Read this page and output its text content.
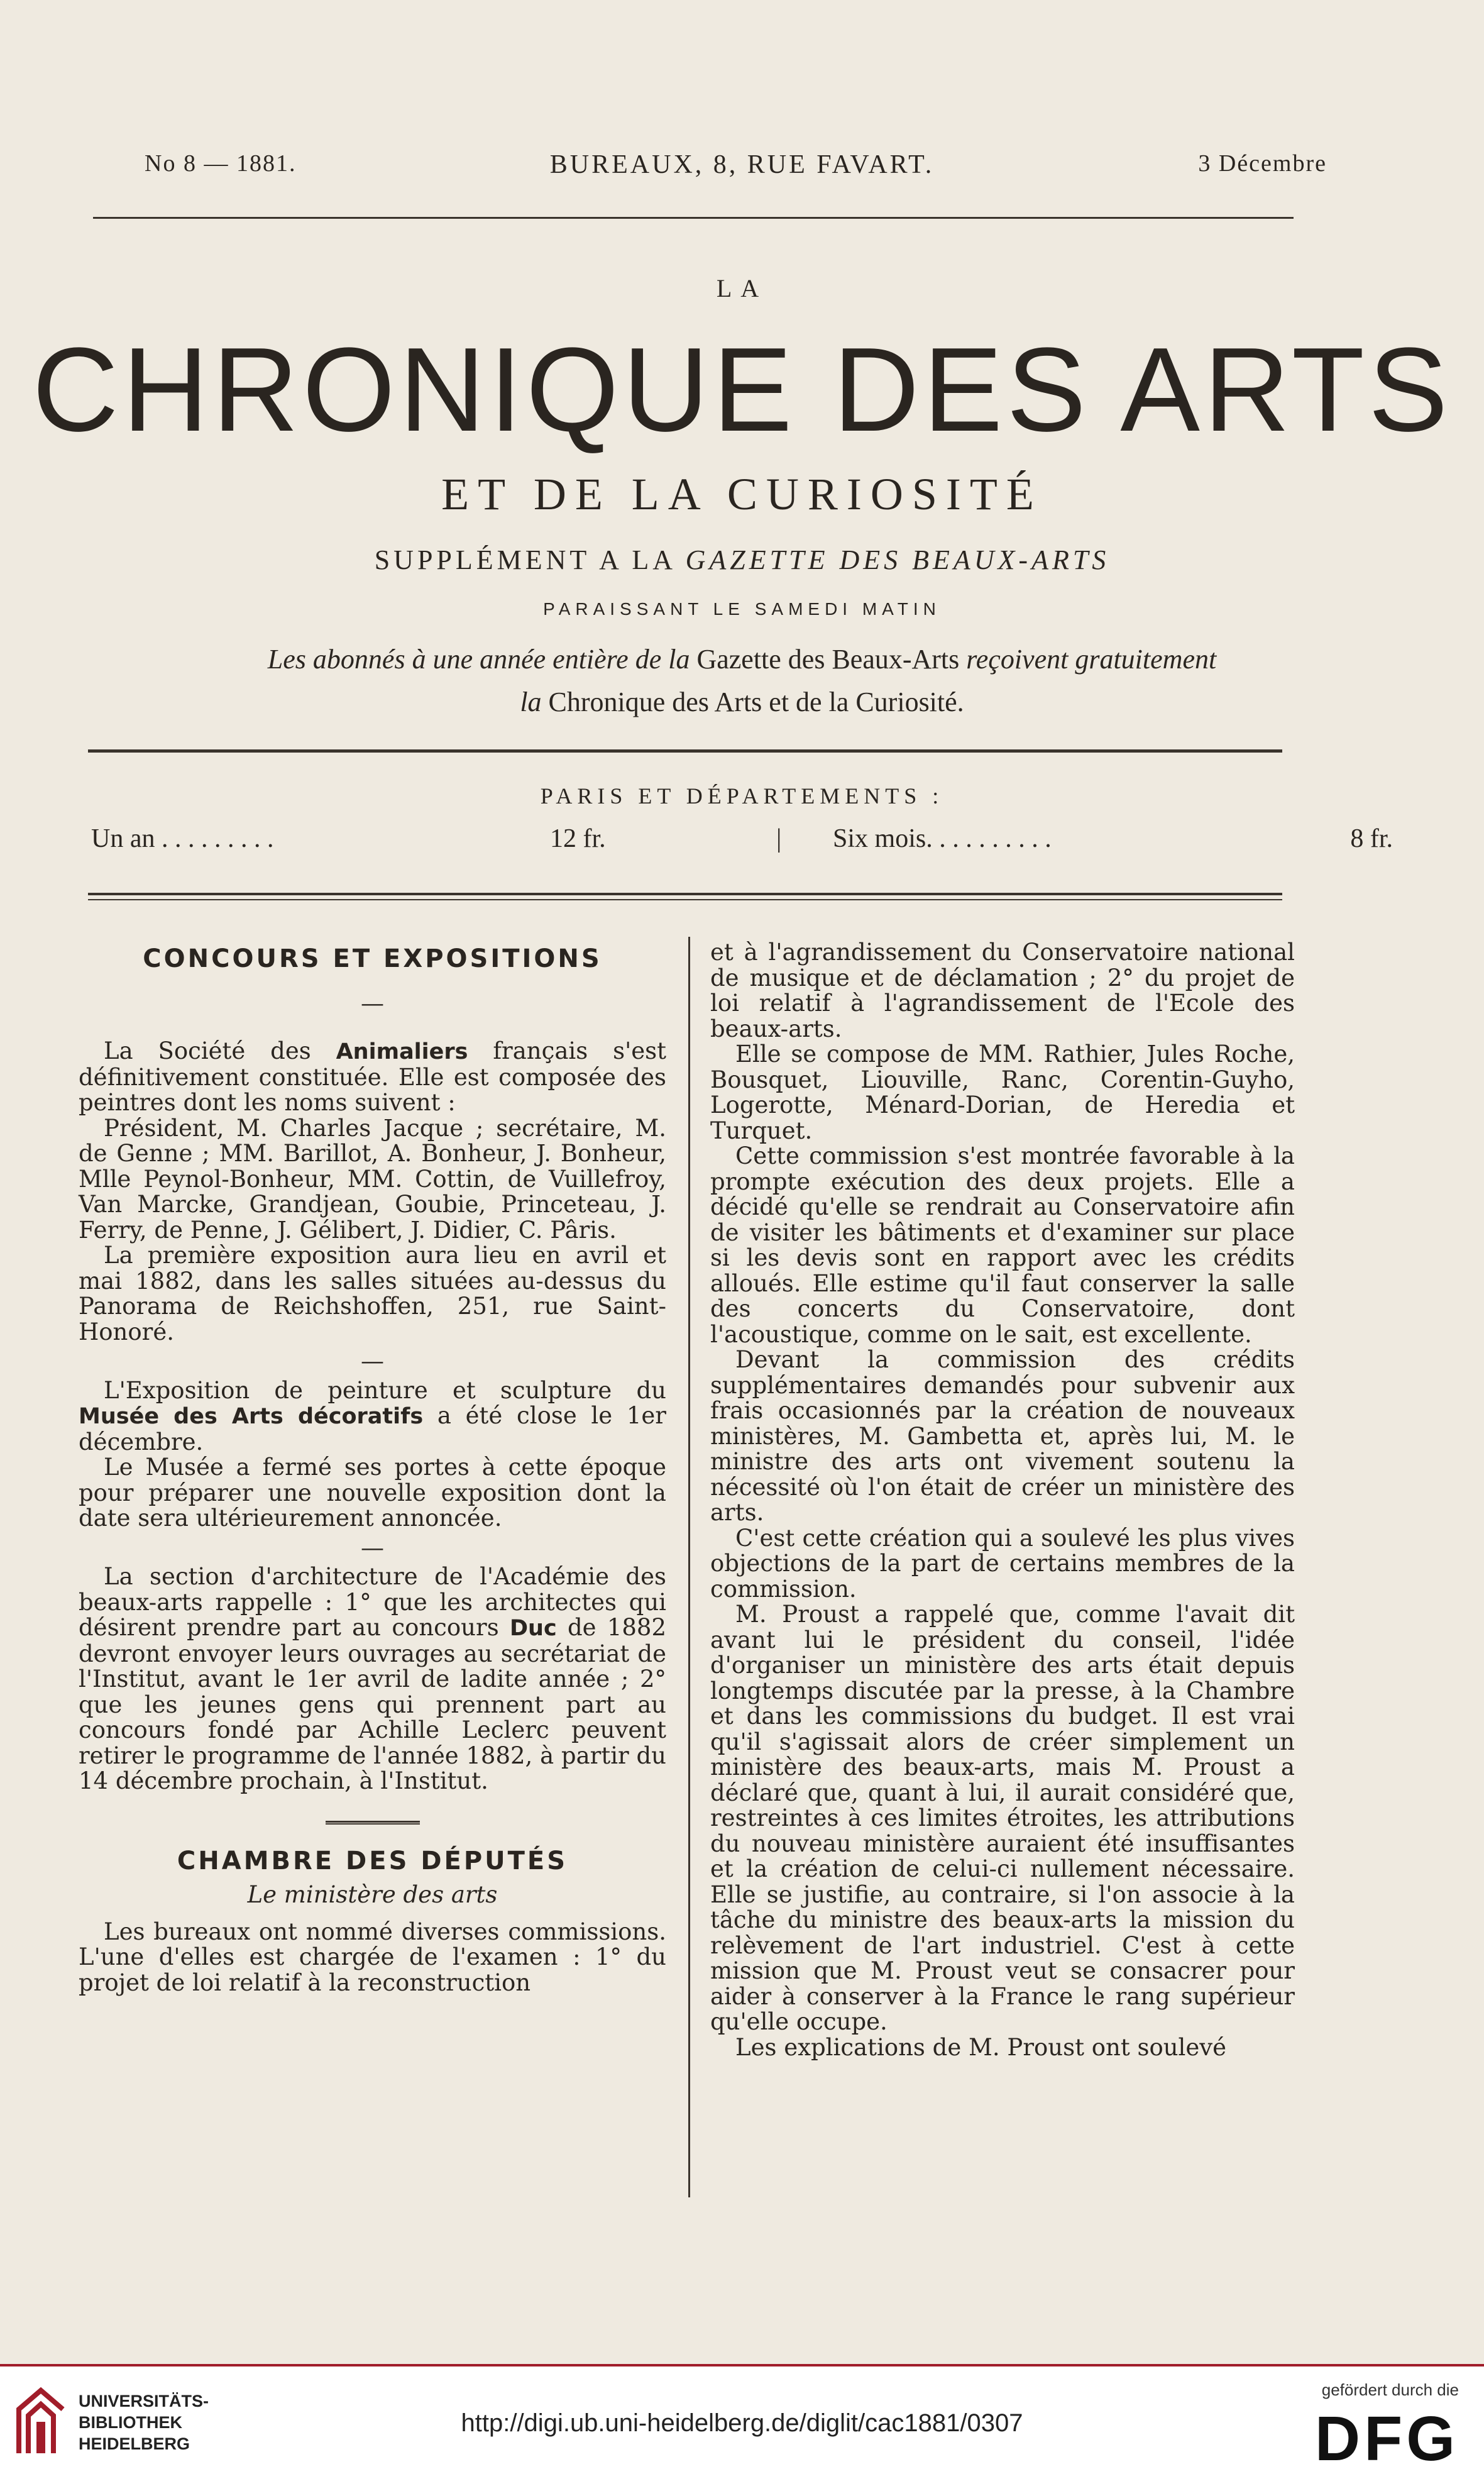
No 8 — 1881.	BUREAUX, 8, RUE FAVART.	3 Décembre
LA
CHRONIQUE DES ARTS
ET DE LA CURIOSITÉ
SUPPLÉMENT A LA GAZETTE DES BEAUX-ARTS
PARAISSANT LE SAMEDI MATIN
Les abonnés à une année entière de la Gazette des Beaux-Arts reçoivent gratuitement
la Chronique des Arts et de la Curiosité.
PARIS ET DÉPARTEMENTS :
Un an . . . . . . . . .	12 fr.	| Six mois. . . . . . . . . .	8 fr.

CONCOURS ET EXPOSITIONS

—

La Société des Animaliers français s'est définitivement constituée. Elle est composée des peintres dont les noms suivent :

Président, M. Charles Jacque ; secrétaire, M. de Genne ; MM. Barillot, A. Bonheur, J. Bonheur, Mlle Peynol-Bonheur, MM. Cottin, de Vuillefroy, Van Marcke, Grandjean, Goubie, Princeteau, J. Ferry, de Penne, J. Gélibert, J. Didier, C. Pâris.

La première exposition aura lieu en avril et mai 1882, dans les salles situées au-dessus du Panorama de Reichshoffen, 251, rue Saint-Honoré.

—

L'Exposition de peinture et sculpture du Musée des Arts décoratifs a été close le 1er décembre.

Le Musée a fermé ses portes à cette époque pour préparer une nouvelle exposition dont la date sera ultérieurement annoncée.

—

La section d'architecture de l'Académie des beaux-arts rappelle : 1° que les architectes qui désirent prendre part au concours Duc de 1882 devront envoyer leurs ouvrages au secrétariat de l'Institut, avant le 1er avril de ladite année ; 2° que les jeunes gens qui prennent part au concours fondé par Achille Leclerc peuvent retirer le programme de l'année 1882, à partir du 14 décembre prochain, à l'Institut.

CHAMBRE DES DÉPUTÉS

Le ministère des arts

Les bureaux ont nommé diverses commissions. L'une d'elles est chargée de l'examen : 1° du projet de loi relatif à la reconstruction

et à l'agrandissement du Conservatoire national de musique et de déclamation ; 2° du projet de loi relatif à l'agrandissement de l'Ecole des beaux-arts.

Elle se compose de MM. Rathier, Jules Roche, Bousquet, Liouville, Ranc, Corentin-Guyho, Logerotte, Ménard-Dorian, de Heredia et Turquet.

Cette commission s'est montrée favorable à la prompte exécution des deux projets. Elle a décidé qu'elle se rendrait au Conservatoire afin de visiter les bâtiments et d'examiner sur place si les devis sont en rapport avec les crédits alloués. Elle estime qu'il faut conserver la salle des concerts du Conservatoire, dont l'acoustique, comme on le sait, est excellente.

Devant la commission des crédits supplémentaires demandés pour subvenir aux frais occasionnés par la création de nouveaux ministères, M. Gambetta et, après lui, M. le ministre des arts ont vivement soutenu la nécessité où l'on était de créer un ministère des arts.

C'est cette création qui a soulevé les plus vives objections de la part de certains membres de la commission.

M. Proust a rappelé que, comme l'avait dit avant lui le président du conseil, l'idée d'organiser un ministère des arts était depuis longtemps discutée par la presse, à la Chambre et dans les commissions du budget. Il est vrai qu'il s'agissait alors de créer simplement un ministère des beaux-arts, mais M. Proust a déclaré que, quant à lui, il aurait considéré que, restreintes à ces limites étroites, les attributions du nouveau ministère auraient été insuffisantes et la création de celui-ci nullement nécessaire. Elle se justifie, au contraire, si l'on associe à la tâche du ministre des beaux-arts la mission du relèvement de l'art industriel. C'est à cette mission que M. Proust veut se consacrer pour aider à conserver à la France le rang supérieur qu'elle occupe.

Les explications de M. Proust ont soulevé

UNIVERSITÄTS-
BIBLIOTHEK
HEIDELBERG
http://digi.ub.uni-heidelberg.de/diglit/cac1881/0307
gefördert durch die
DFG
